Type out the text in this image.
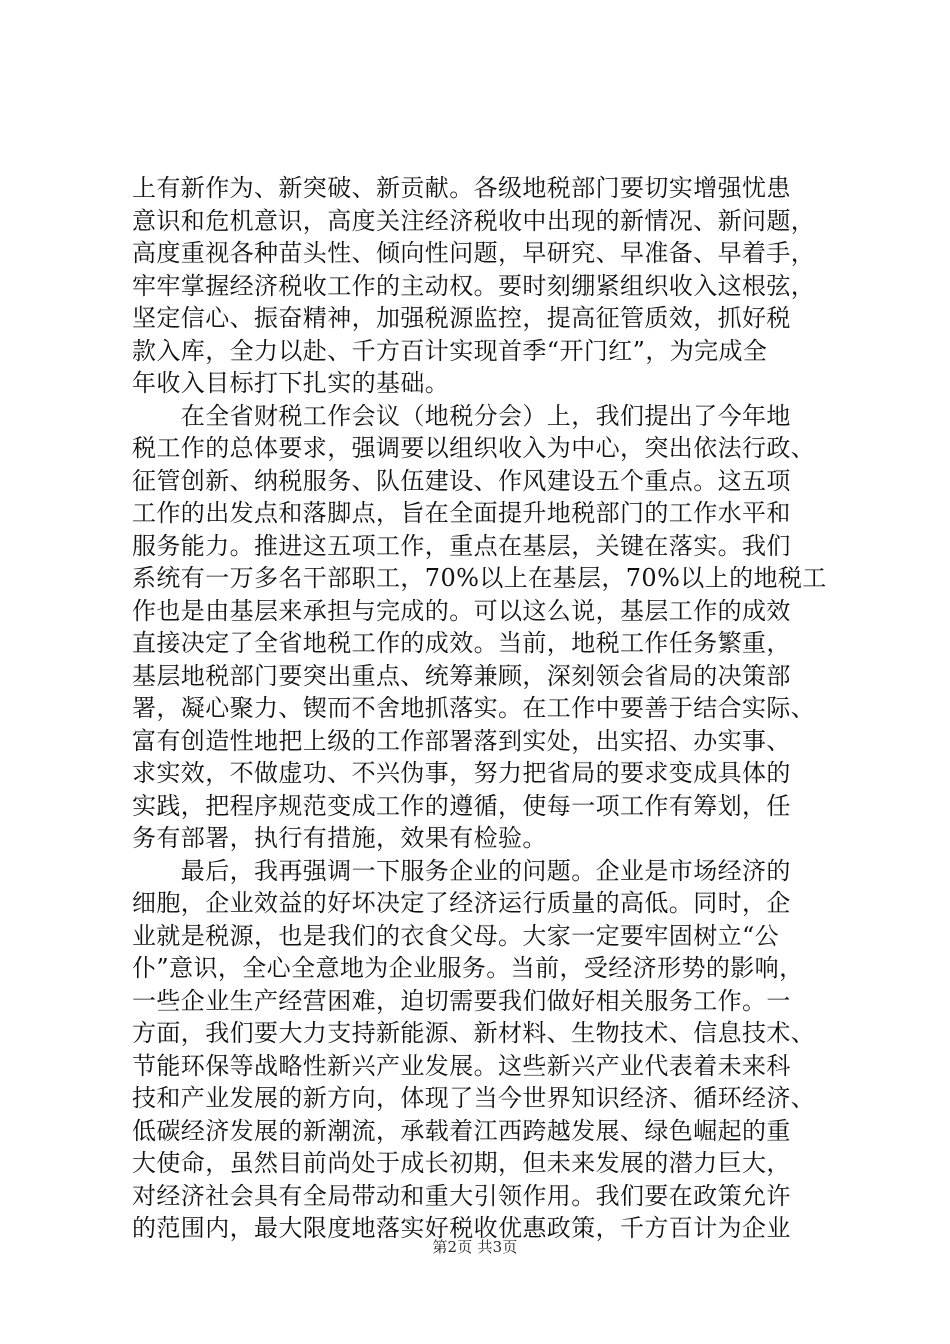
上有新作为、新突破、新贡献。各级地税部门要切实增强忧患
意识和危机意识，高度关注经济税收中出现的新情况、新问题，
高度重视各种苗头性、倾向性问题，早研究、早准备、早着手，
牢牢掌握经济税收工作的主动权。要时刻绷紧组织收入这根弦，
坚定信心、振奋精神，加强税源监控，提高征管质效，抓好税
款入库，全力以赴、千方百计实现首季“开门红”，为完成全
年收入目标打下扎实的基础。
　　在全省财税工作会议（地税分会）上，我们提出了今年地
税工作的总体要求，强调要以组织收入为中心，突出依法行政、
征管创新、纳税服务、队伍建设、作风建设五个重点。这五项
工作的出发点和落脚点，旨在全面提升地税部门的工作水平和
服务能力。推进这五项工作，重点在基层，关键在落实。我们
系统有一万多名干部职工，70%以上在基层，70%以上的地税工
作也是由基层来承担与完成的。可以这么说，基层工作的成效
直接决定了全省地税工作的成效。当前，地税工作任务繁重，
基层地税部门要突出重点、统筹兼顾，深刻领会省局的决策部
署，凝心聚力、锲而不舍地抓落实。在工作中要善于结合实际、
富有创造性地把上级的工作部署落到实处，出实招、办实事、
求实效，不做虚功、不兴伪事，努力把省局的要求变成具体的
实践，把程序规范变成工作的遵循，使每一项工作有筹划，任
务有部署，执行有措施，效果有检验。
　　最后，我再强调一下服务企业的问题。企业是市场经济的
细胞，企业效益的好坏决定了经济运行质量的高低。同时，企
业就是税源，也是我们的衣食父母。大家一定要牢固树立“公
仆”意识，全心全意地为企业服务。当前，受经济形势的影响，
一些企业生产经营困难，迫切需要我们做好相关服务工作。一
方面，我们要大力支持新能源、新材料、生物技术、信息技术、
节能环保等战略性新兴产业发展。这些新兴产业代表着未来科
技和产业发展的新方向，体现了当今世界知识经济、循环经济、
低碳经济发展的新潮流，承载着江西跨越发展、绿色崛起的重
大使命，虽然目前尚处于成长初期，但未来发展的潜力巨大，
对经济社会具有全局带动和重大引领作用。我们要在政策允许
的范围内，最大限度地落实好税收优惠政策，千方百计为企业
第2页 共3页
